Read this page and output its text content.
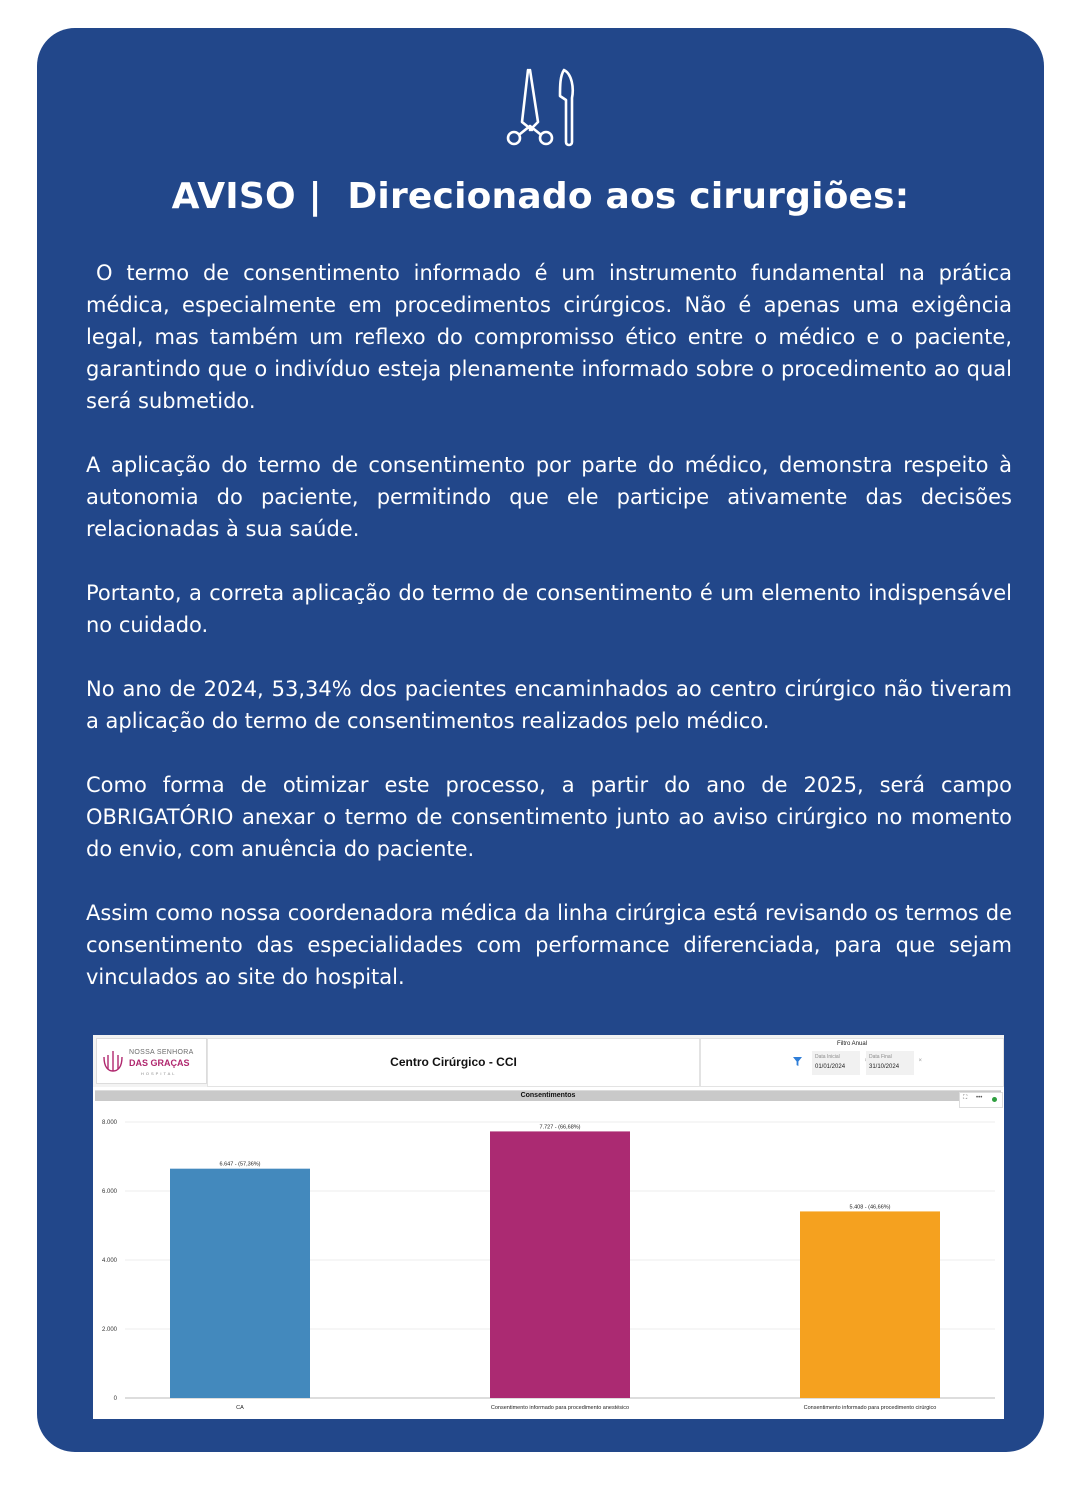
AVISO |  Direcionado aos cirurgiões:

O termo de consentimento informado é um instrumento fundamental na prática médica, especialmente em procedimentos cirúrgicos. Não é apenas uma exigência legal, mas também um reflexo do compromisso ético entre o médico e o paciente, garantindo que o indivíduo esteja plenamente informado sobre o procedimento ao qual será submetido.

A aplicação do termo de consentimento por parte do médico, demonstra respeito à autonomia do paciente, permitindo que ele participe ativamente das decisões relacionadas à sua saúde.

Portanto, a correta aplicação do termo de consentimento é um elemento indispensável no cuidado.

No ano de 2024, 53,34% dos pacientes encaminhados ao centro cirúrgico não tiveram a aplicação do termo de consentimentos realizados pelo médico.

Como forma de otimizar este processo, a partir do ano de 2025, será campo OBRIGATÓRIO anexar o termo de consentimento junto ao aviso cirúrgico no momento do envio, com anuência do paciente.

Assim como nossa coordenadora médica da linha cirúrgica está revisando os termos de consentimento das especialidades com performance diferenciada, para que sejam vinculados ao site do hospital.

NOSSA SENHORA
DAS GRAÇAS
HOSPITAL
Centro Cirúrgico - CCI
Filtro Anual
Data Inicial
01/01/2024
Data Final
31/10/2024
×
Consentimentos	⛶ •••
0
2.000
4.000
6.000
8.000
6.647 - (57,36%)
CA
7.727 - (66,68%)
Consentimento informado para procedimento anestésico
5.408 - (46,66%)
Consentimento informado para procedimento cirúrgico
